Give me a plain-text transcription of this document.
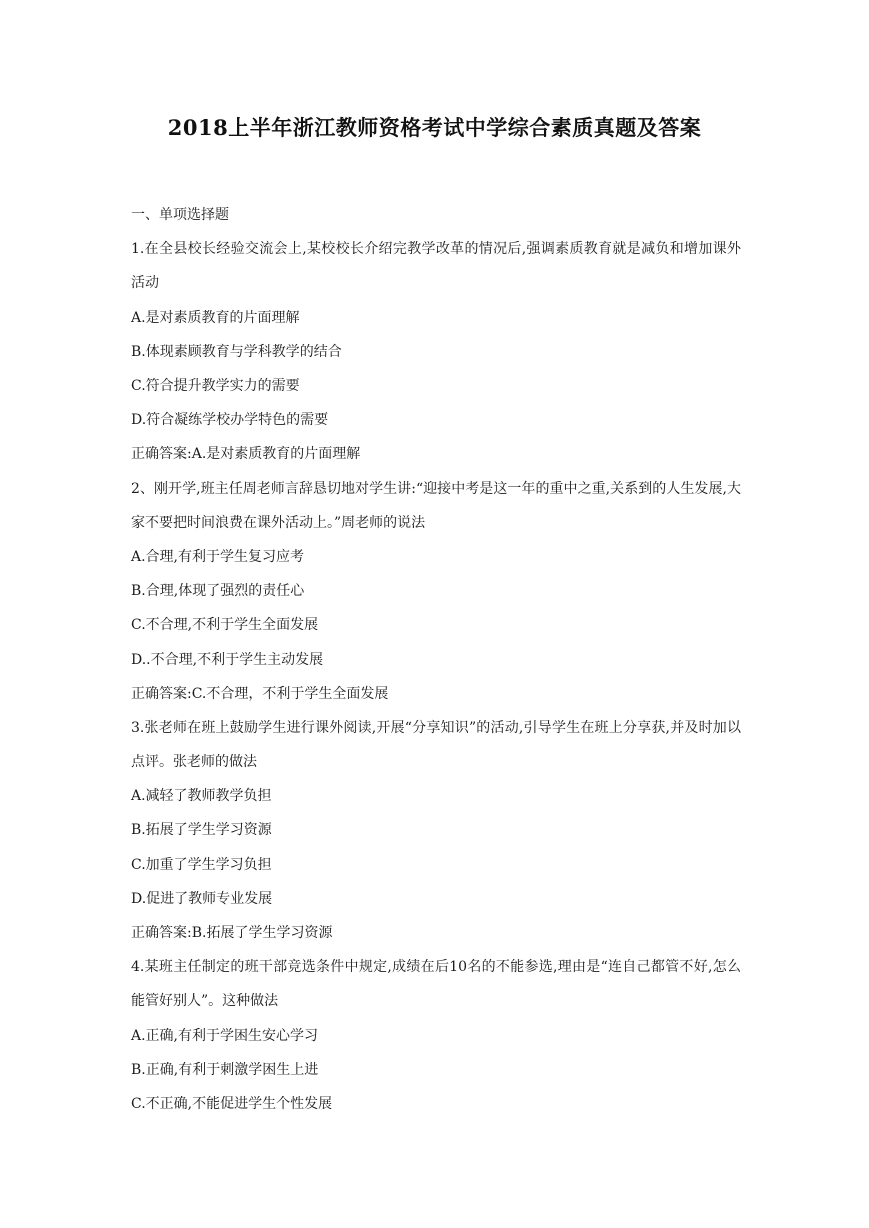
2018上半年浙江教师资格考试中学综合素质真题及答案
一、单项选择题
1.在全县校长经验交流会上,某校校长介绍完教学改革的情况后,强调素质教育就是减负和增加课外活动
A.是对素质教育的片面理解
B.体现素顾教育与学科教学的结合
C.符合提升教学实力的需要
D.符合凝练学校办学特色的需要
正确答案:A.是对素质教育的片面理解
2、刚开学,班主任周老师言辞恳切地对学生讲:“迎接中考是这一年的重中之重,关系到的人生发展,大家不要把时间浪费在课外活动上。”周老师的说法
A.合理,有利于学生复习应考
B.合理,体现了强烈的责任心
C.不合理,不利于学生全面发展
D..不合理,不利于学生主动发展
正确答案:C.不合理，不利于学生全面发展
3.张老师在班上鼓励学生进行课外阅读,开展“分享知识”的活动,引导学生在班上分享获,并及时加以点评。张老师的做法
A.减轻了教师教学负担
B.拓展了学生学习资源
C.加重了学生学习负担
D.促进了教师专业发展
正确答案:B.拓展了学生学习资源
4.某班主任制定的班干部竞选条件中规定,成绩在后10名的不能参选,理由是“连自己都管不好,怎么能管好别人”。这种做法
A.正确,有利于学困生安心学习
B.正确,有利于刺激学困生上进
C.不正确,不能促进学生个性发展
